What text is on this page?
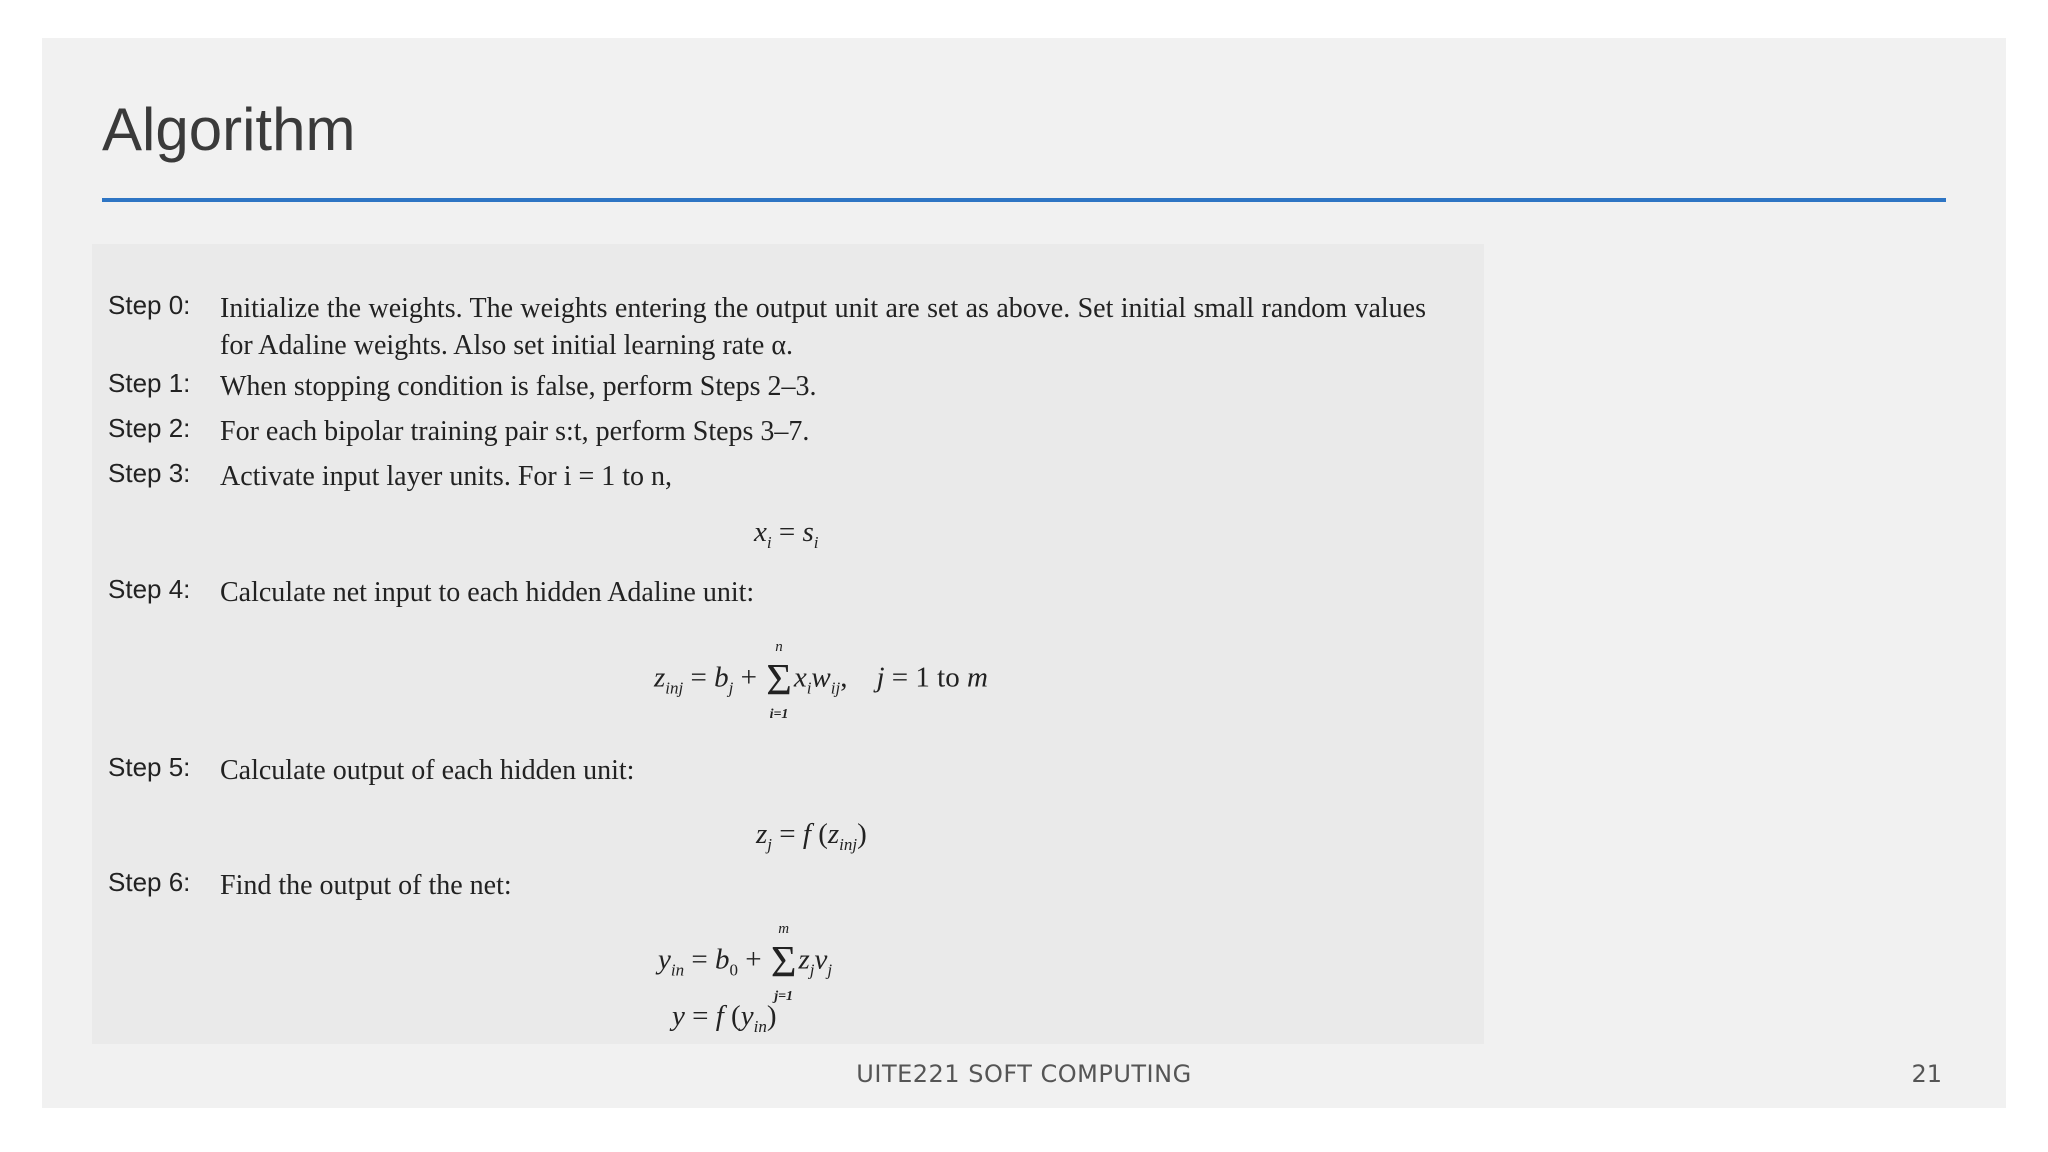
Algorithm
Step 0: Initialize the weights. The weights entering the output unit are set as above. Set initial small random values for Adaline weights. Also set initial learning rate α.
Step 1: When stopping condition is false, perform Steps 2–3.
Step 2: For each bipolar training pair s:t, perform Steps 3–7.
Step 3: Activate input layer units. For i = 1 to n,
$x_i = s_i$
Step 4: Calculate net input to each hidden Adaline unit:
$z_{inj} = b_j + \Sigma$
n
i=1
$x_iw_{ij}$,    j = 1 to m
Step 5: Calculate output of each hidden unit:
$z_j = f$ $(z_{inj})$
Step 6: Find the output of the net:
$y_{in} = b_0 + \Sigma$
m
j=1
$z_jv_j$
y = f $(y_{in})$
UITE221 SOFT COMPUTING	21
